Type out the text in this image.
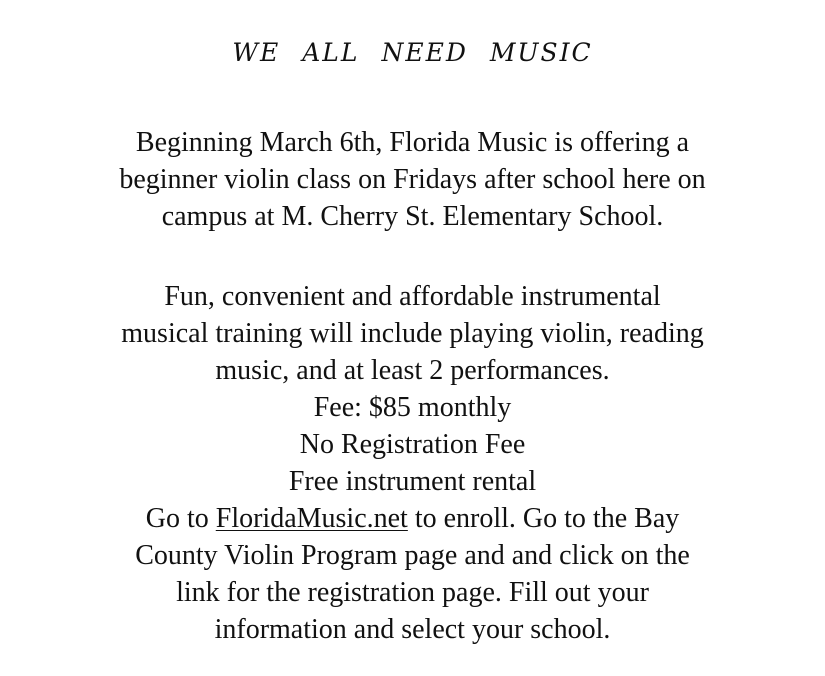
WE ALL NEED MUSIC

Beginning March 6th, Florida Music is offering a
beginner violin class on Fridays after school here on
campus at M. Cherry St. Elementary School.

Fun, convenient and affordable instrumental
musical training will include playing violin, reading
music, and at least 2 performances.
Fee: $85 monthly
No Registration Fee
Free instrument rental
Go to FloridaMusic.net to enroll. Go to the Bay
County Violin Program page and and click on the
link for the registration page. Fill out your
information and select your school.
